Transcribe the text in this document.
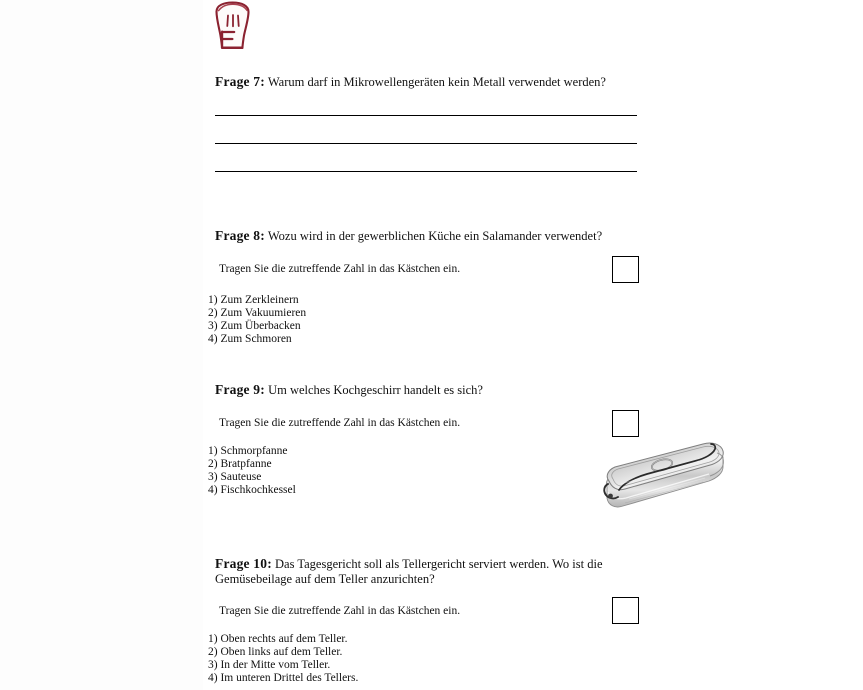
Frage 7: Warum darf in Mikrowellengeräten kein Metall verwendet werden?

Frage 8: Wozu wird in der gewerblichen Küche ein Salamander verwendet?

Tragen Sie die zutreffende Zahl in das Kästchen ein.
1) Zum Zerkleinern
2) Zum Vakuumieren
3) Zum Überbacken
4) Zum Schmoren

Frage 9: Um welches Kochgeschirr handelt es sich?

Tragen Sie die zutreffende Zahl in das Kästchen ein.
1) Schmorpfanne
2) Bratpfanne
3) Sauteuse
4) Fischkochkessel

Frage 10: Das Tagesgericht soll als Tellergericht serviert werden. Wo ist die Gemüsebeilage auf dem Teller anzurichten?

Tragen Sie die zutreffende Zahl in das Kästchen ein.
1) Oben rechts auf dem Teller.
2) Oben links auf dem Teller.
3) In der Mitte vom Teller.
4) Im unteren Drittel des Tellers.
